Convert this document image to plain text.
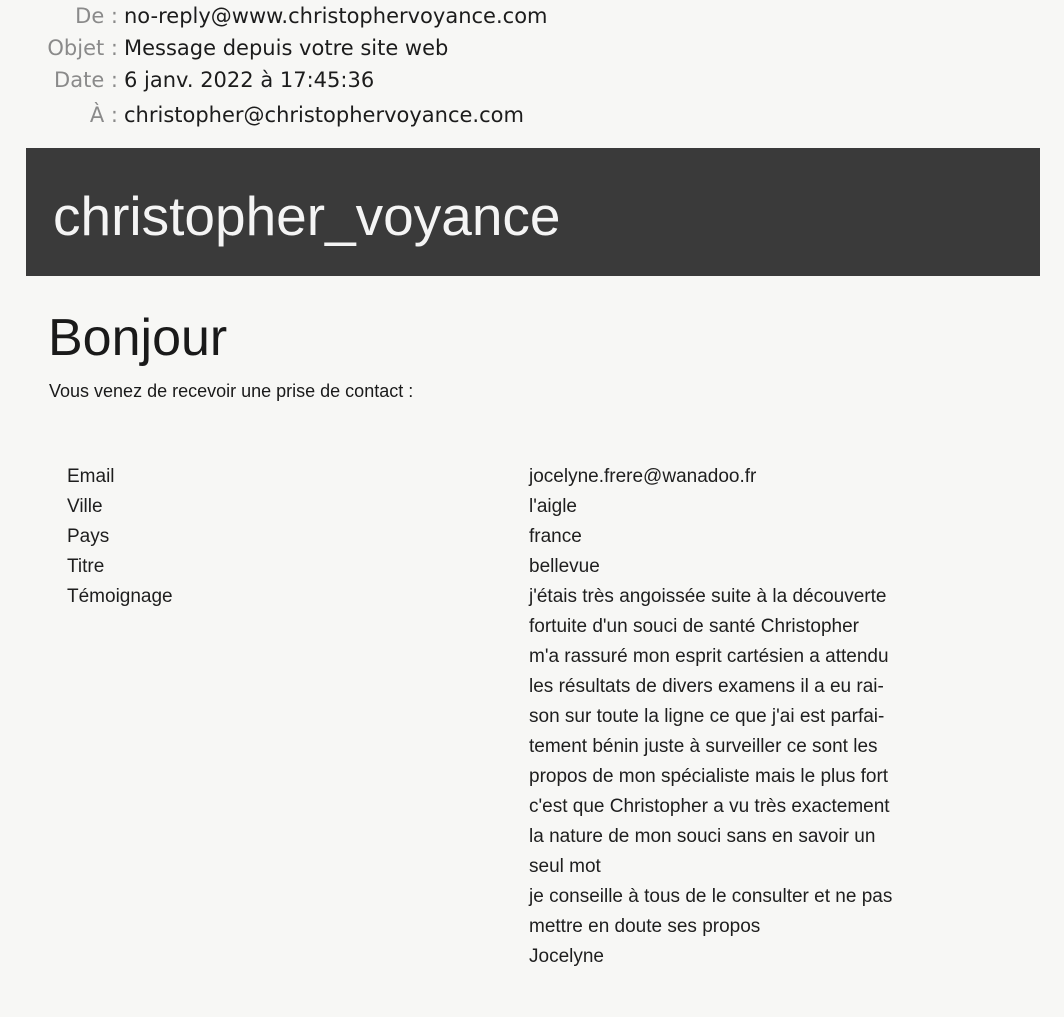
De : no-reply@www.christophervoyance.com
Objet : Message depuis votre site web
Date : 6 janv. 2022 à 17:45:36
À : christopher@christophervoyance.com
christopher_voyance
Bonjour
Vous venez de recevoir une prise de contact :
Email	jocelyne.frere@wanadoo.fr
Ville	l'aigle
Pays	france
Titre	bellevue
Témoignage	j'étais très angoissée suite à la découverte
fortuite d'un souci de santé Christopher
m'a rassuré mon esprit cartésien a attendu
les résultats de divers examens il a eu rai-
son sur toute la ligne ce que j'ai est parfai-
tement bénin juste à surveiller ce sont les
propos de mon spécialiste mais le plus fort
c'est que Christopher a vu très exactement
la nature de mon souci sans en savoir un
seul mot
je conseille à tous de le consulter et ne pas
mettre en doute ses propos
Jocelyne
